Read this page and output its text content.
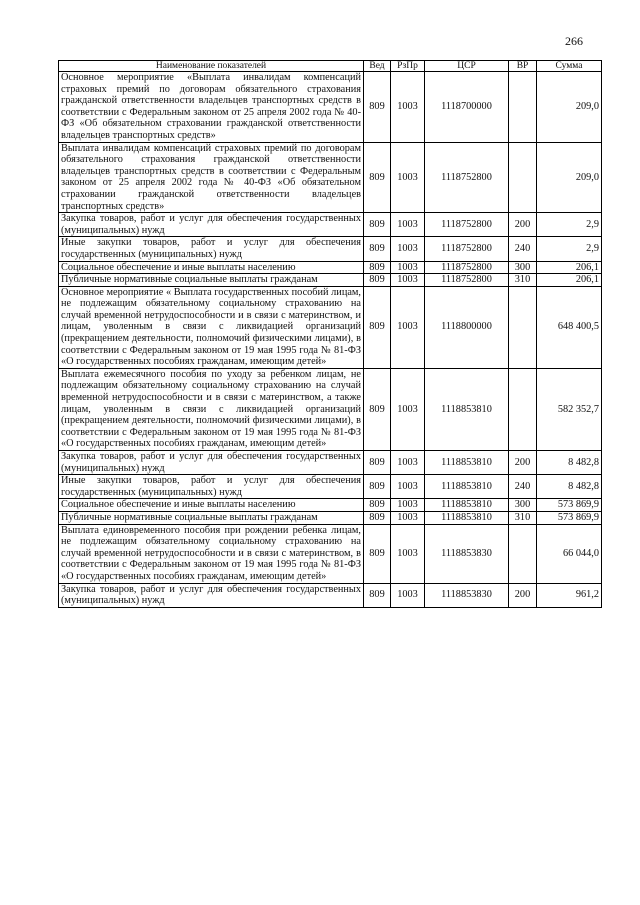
266
Наименование показателей	Вед	РзПр	ЦСР	ВР	Сумма
Основное мероприятие «Выплата инвалидам компенсаций страховых премий по договорам обязательного страхования гражданской ответственности владельцев транспортных средств в соответствии с Федеральным законом от 25 апреля 2002 года № 40-ФЗ «Об обязательном страховании гражданской ответственности владельцев транспортных средств»	809	1003	1118700000		209,0
Выплата инвалидам компенсаций страховых премий по договорам обязательного страхования гражданской ответственности владельцев транспортных средств в соответствии с Федеральным законом от 25 апреля 2002 года № 40-ФЗ «Об обязательном страховании гражданской ответственности владельцев транспортных средств»	809	1003	1118752800		209,0
Закупка товаров, работ и услуг для обеспечения государственных (муниципальных) нужд	809	1003	1118752800	200	2,9
Иные закупки товаров, работ и услуг для обеспечения государственных (муниципальных) нужд	809	1003	1118752800	240	2,9
Социальное обеспечение и иные выплаты населению	809	1003	1118752800	300	206,1
Публичные нормативные социальные выплаты гражданам	809	1003	1118752800	310	206,1
Основное мероприятие « Выплата государственных пособий лицам, не подлежащим обязательному социальному страхованию на случай временной нетрудоспособности и в связи с материнством, и лицам, уволенным в связи с ликвидацией организаций (прекращением деятельности, полномочий физическими лицами), в соответствии с Федеральным законом от 19 мая 1995 года № 81-ФЗ «О государственных пособиях гражданам, имеющим детей»	809	1003	1118800000		648 400,5
Выплата ежемесячного пособия по уходу за ребенком лицам, не подлежащим обязательному социальному страхованию на случай временной нетрудоспособности и в связи с материнством, а также лицам, уволенным в связи с ликвидацией организаций (прекращением деятельности, полномочий физическими лицами), в соответствии с Федеральным законом от 19 мая 1995 года № 81-ФЗ «О государственных пособиях гражданам, имеющим детей»	809	1003	1118853810		582 352,7
Закупка товаров, работ и услуг для обеспечения государственных (муниципальных) нужд	809	1003	1118853810	200	8 482,8
Иные закупки товаров, работ и услуг для обеспечения государственных (муниципальных) нужд	809	1003	1118853810	240	8 482,8
Социальное обеспечение и иные выплаты населению	809	1003	1118853810	300	573 869,9
Публичные нормативные социальные выплаты гражданам	809	1003	1118853810	310	573 869,9
Выплата единовременного пособия при рождении ребенка лицам, не подлежащим обязательному социальному страхованию на случай временной нетрудоспособности и в связи с материнством, в соответствии с Федеральным законом от 19 мая 1995 года № 81-ФЗ «О государственных пособиях гражданам, имеющим детей»	809	1003	1118853830		66 044,0
Закупка товаров, работ и услуг для обеспечения государственных (муниципальных) нужд	809	1003	1118853830	200	961,2
